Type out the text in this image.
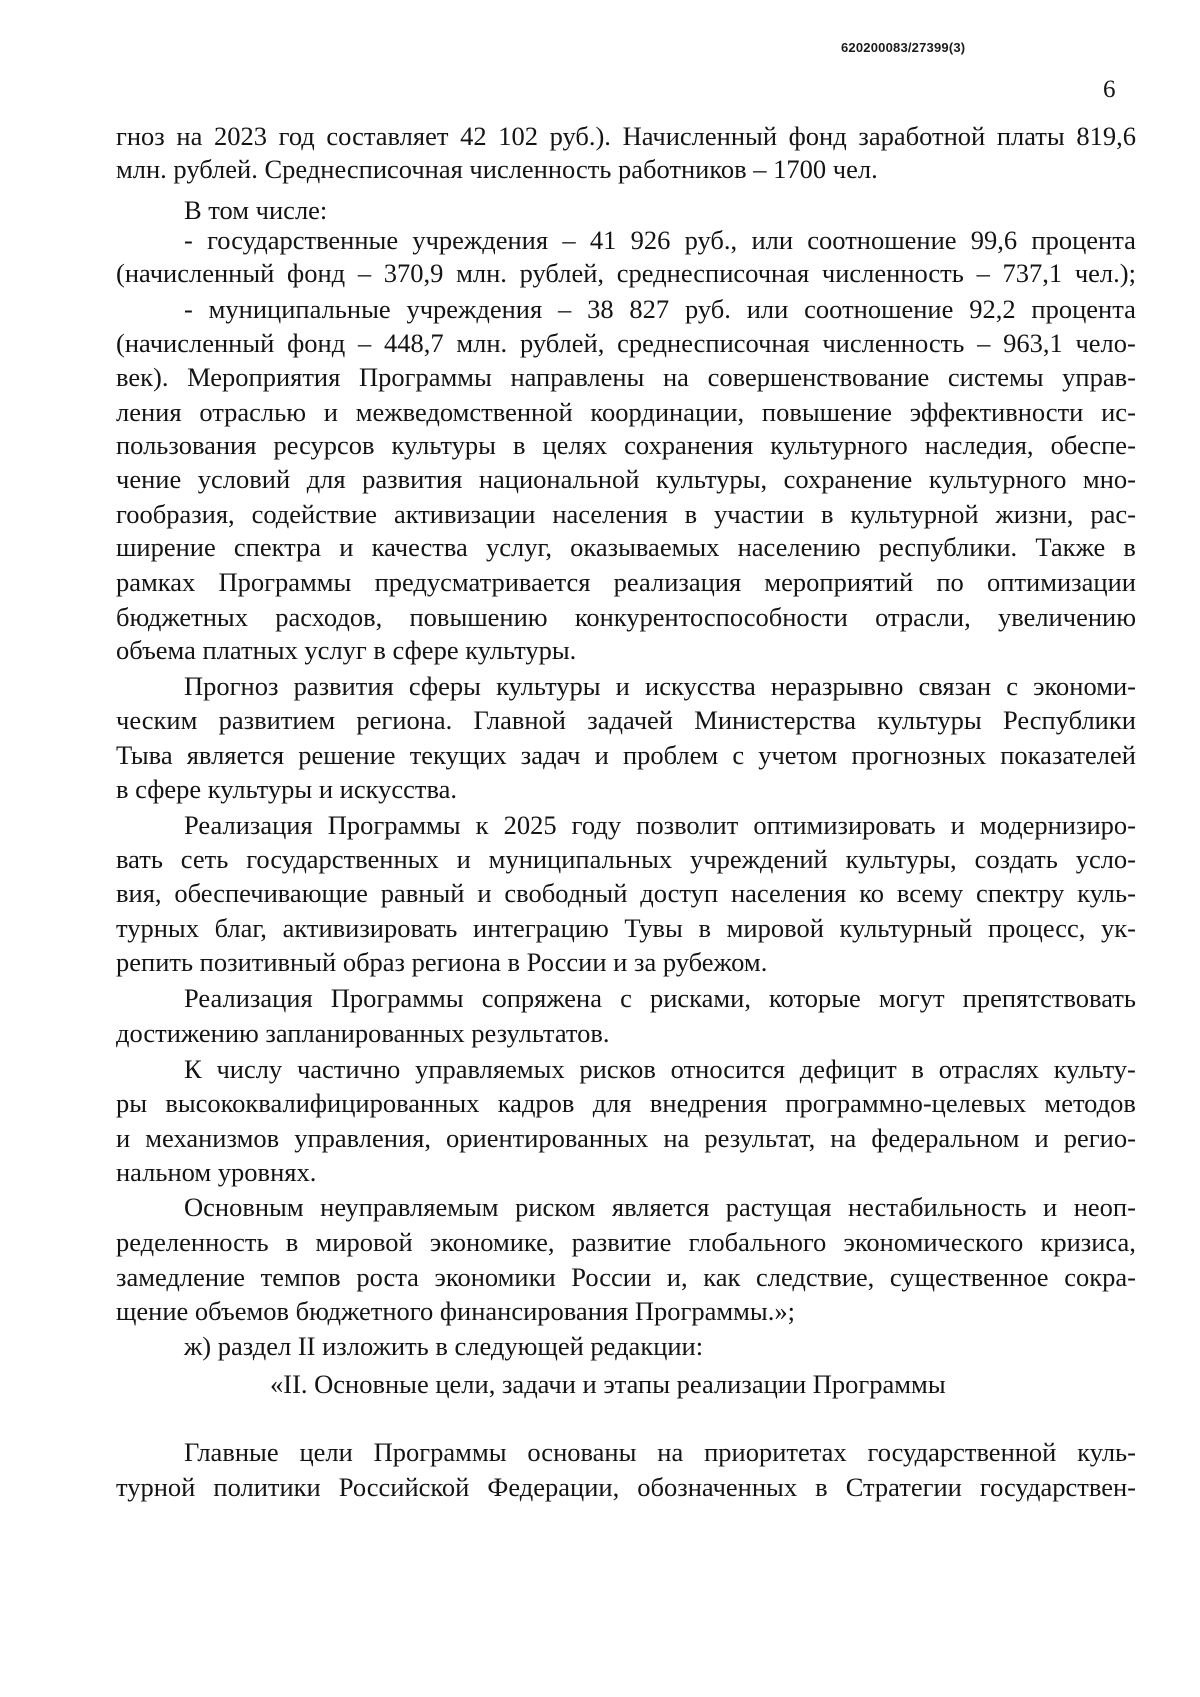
620200083/27399(3)
6
гноз на 2023 год составляет 42 102 руб.). Начисленный фонд заработной платы 819,6
млн. рублей. Среднесписочная численность работников – 1700 чел.
В том числе:
- государственные учреждения – 41 926 руб., или соотношение 99,6 процента
(начисленный фонд – 370,9 млн. рублей, среднесписочная численность – 737,1 чел.);
- муниципальные учреждения – 38 827 руб. или соотношение 92,2 процента
(начисленный фонд – 448,7 млн. рублей, среднесписочная численность – 963,1 чело-
век). Мероприятия Программы направлены на совершенствование системы управ-
ления отраслью и межведомственной координации, повышение эффективности ис-
пользования ресурсов культуры в целях сохранения культурного наследия, обеспе-
чение условий для развития национальной культуры, сохранение культурного мно-
гообразия, содействие активизации населения в участии в культурной жизни, рас-
ширение спектра и качества услуг, оказываемых населению республики. Также в
рамках Программы предусматривается реализация мероприятий по оптимизации
бюджетных расходов, повышению конкурентоспособности отрасли, увеличению
объема платных услуг в сфере культуры.
Прогноз развития сферы культуры и искусства неразрывно связан с экономи-
ческим развитием региона. Главной задачей Министерства культуры Республики
Тыва является решение текущих задач и проблем с учетом прогнозных показателей
в сфере культуры и искусства.
Реализация Программы к 2025 году позволит оптимизировать и модернизиро-
вать сеть государственных и муниципальных учреждений культуры, создать усло-
вия, обеспечивающие равный и свободный доступ населения ко всему спектру куль-
турных благ, активизировать интеграцию Тувы в мировой культурный процесс, ук-
репить позитивный образ региона в России и за рубежом.
Реализация Программы сопряжена с рисками, которые могут препятствовать
достижению запланированных результатов.
К числу частично управляемых рисков относится дефицит в отраслях культу-
ры высококвалифицированных кадров для внедрения программно-целевых методов
и механизмов управления, ориентированных на результат, на федеральном и регио-
нальном уровнях.
Основным неуправляемым риском является растущая нестабильность и неоп-
ределенность в мировой экономике, развитие глобального экономического кризиса,
замедление темпов роста экономики России и, как следствие, существенное сокра-
щение объемов бюджетного финансирования Программы.»;
ж) раздел II изложить в следующей редакции:
«II. Основные цели, задачи и этапы реализации Программы
Главные цели Программы основаны на приоритетах государственной куль-
турной политики Российской Федерации, обозначенных в Стратегии государствен-
